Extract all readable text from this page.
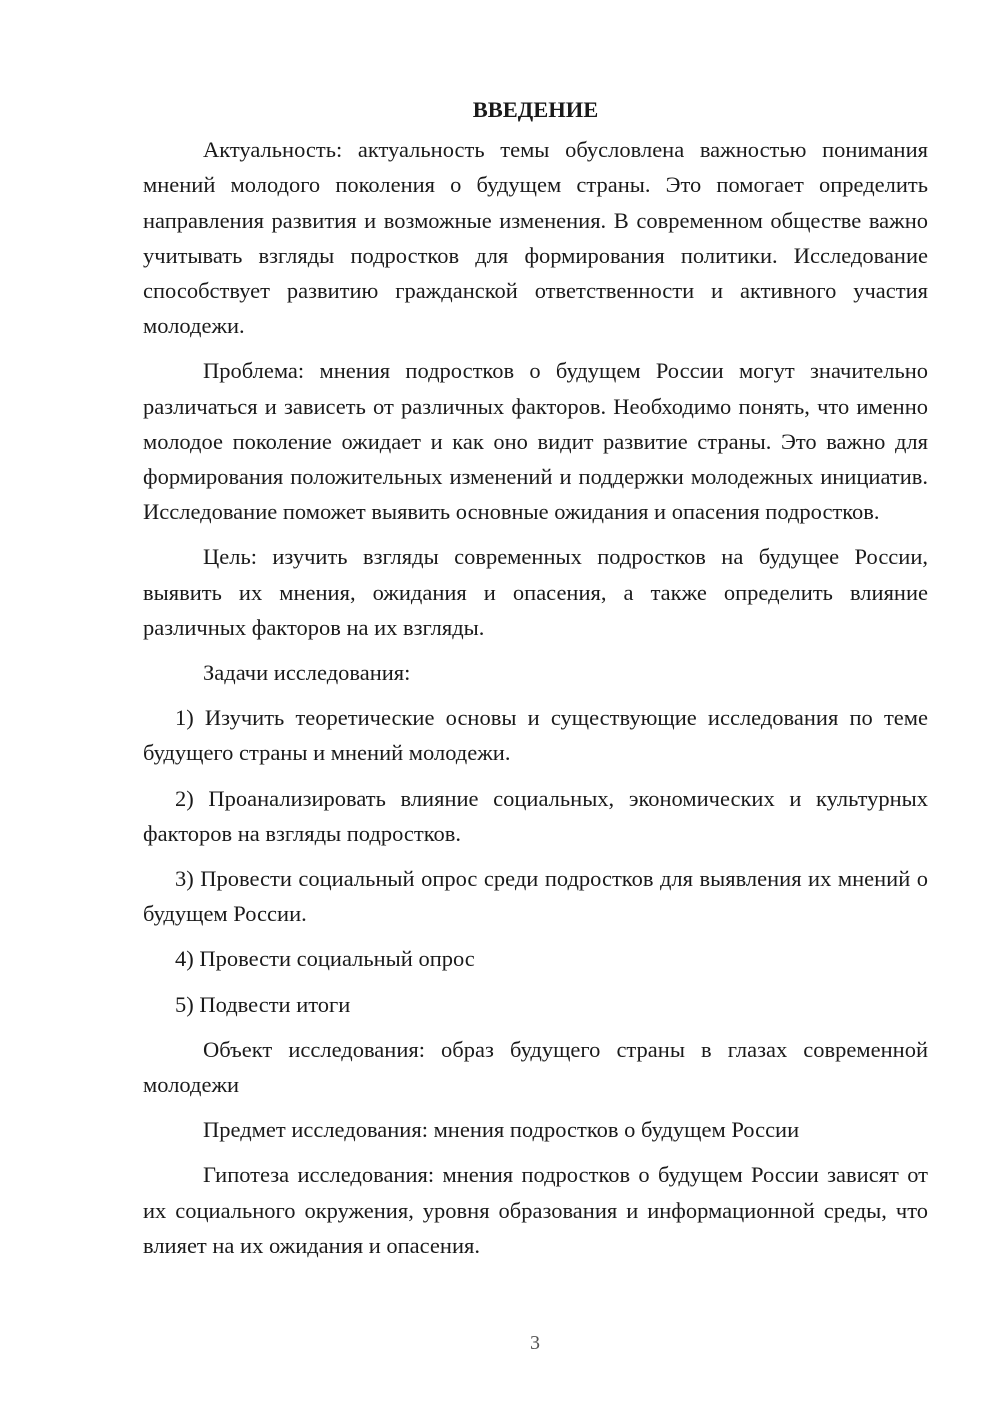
ВВЕДЕНИЕ

Актуальность: актуальность темы обусловлена важностью понимания мнений молодого поколения о будущем страны. Это помогает определить направления развития и возможные изменения. В современном обществе важно учитывать взгляды подростков для формирования политики. Исследование способствует развитию гражданской ответственности и активного участия молодежи.

Проблема: мнения подростков о будущем России могут значительно различаться и зависеть от различных факторов. Необходимо понять, что именно молодое поколение ожидает и как оно видит развитие страны. Это важно для формирования положительных изменений и поддержки молодежных инициатив. Исследование поможет выявить основные ожидания и опасения подростков.

Цель: изучить взгляды современных подростков на будущее России, выявить их мнения, ожидания и опасения, а также определить влияние различных факторов на их взгляды.

Задачи исследования:

1) Изучить теоретические основы и существующие исследования по теме будущего страны и мнений молодежи.

2) Проанализировать влияние социальных, экономических и культурных факторов на взгляды подростков.

3) Провести социальный опрос среди подростков для выявления их мнений о будущем России.

4) Провести социальный опрос

5) Подвести итоги

Объект исследования: образ будущего страны в глазах современной молодежи

Предмет исследования: мнения подростков о будущем России

Гипотеза исследования: мнения подростков о будущем России зависят от их социального окружения, уровня образования и информационной среды, что влияет на их ожидания и опасения.

3
